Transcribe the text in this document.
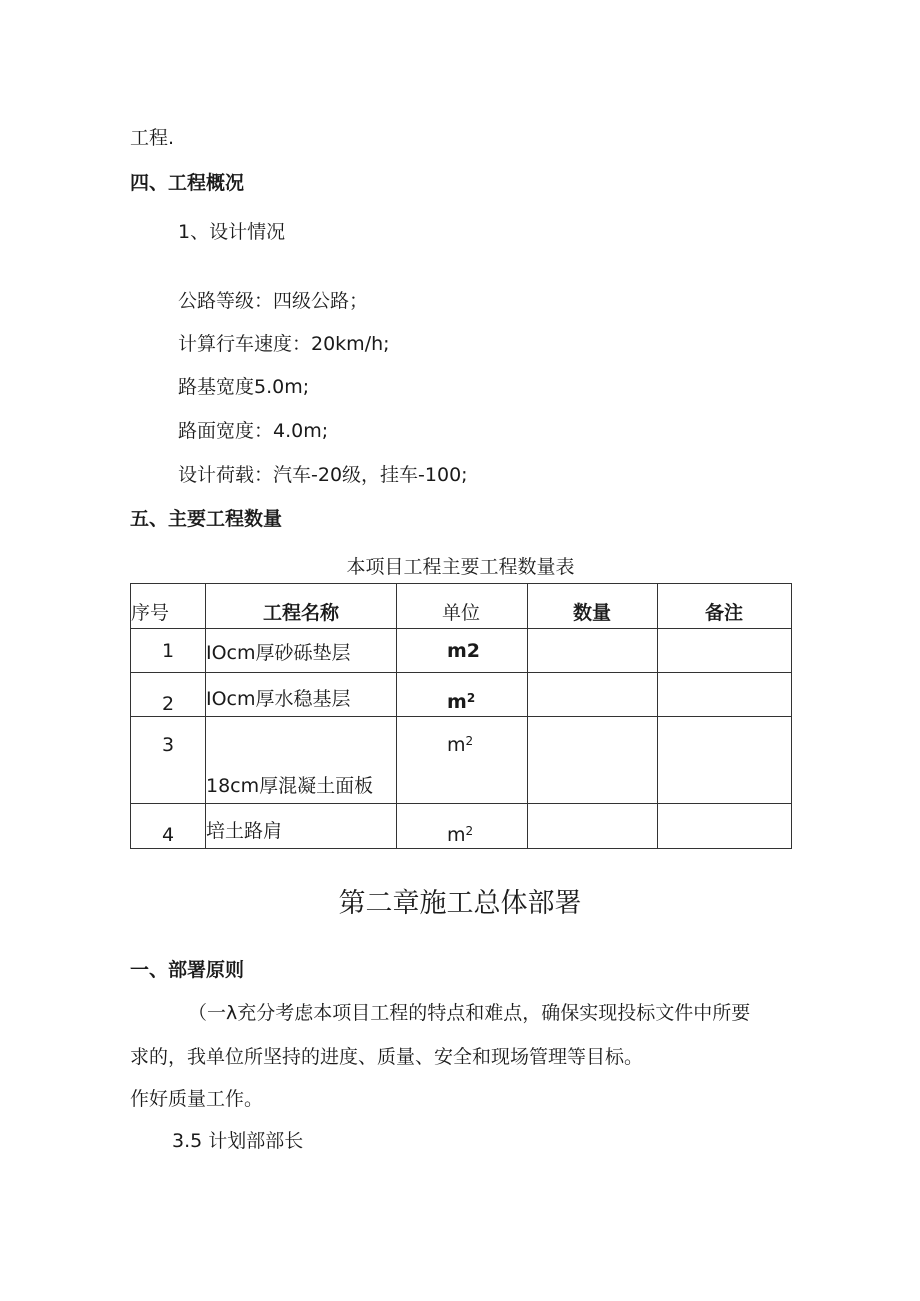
工程.
四、工程概况
1、设计情况
公路等级：四级公路；
计算行车速度：20km∕h;
路基宽度5.0m;
路面宽度：4.0m;
设计荷载：汽车-20级，挂车-100;
五、主要工程数量
本项目工程主要工程数量表
序号	工程名称	单位	数量	备注

1	IOcm厚砂砾垫层	m2		

2	IOcm厚水稳基层	$m^2$

3	18cm厚混凝土面板	$m^2$

4	培土路肩	$m^2$

第二章施工总体部署
一、部署原则
（一λ充分考虑本项目工程的特点和难点，确保实现投标文件中所要
求的，我单位所坚持的进度、质量、安全和现场管理等目标。
作好质量工作。
3.5 计划部部长
